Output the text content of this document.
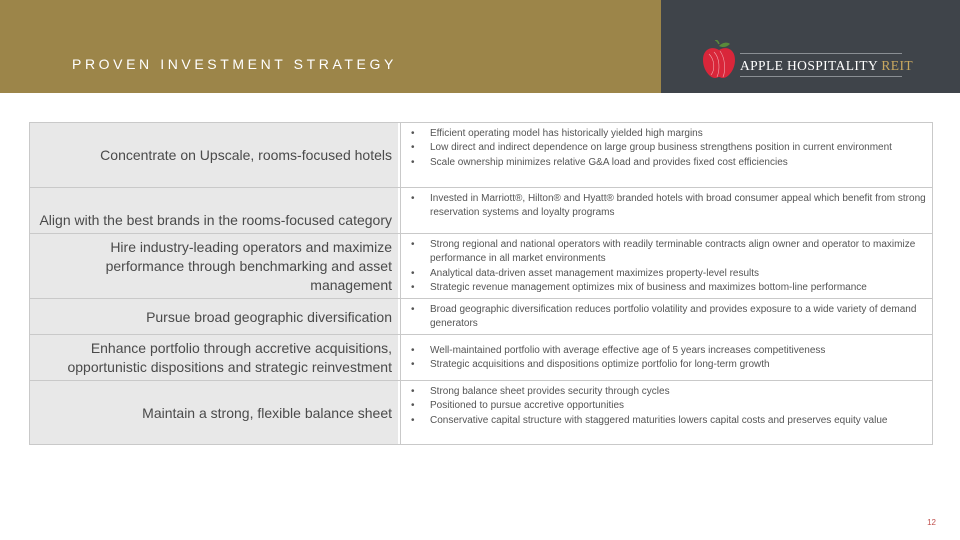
PROVEN INVESTMENT STRATEGY	APPLE HOSPITALITY REIT
Concentrate on Upscale, rooms-focused hotels
• Efficient operating model has historically yielded high margins
• Low direct and indirect dependence on large group business strengthens position in current environment
• Scale ownership minimizes relative G&A load and provides fixed cost efficiencies
Align with the best brands in the rooms-focused category
• Invested in Marriott®, Hilton® and Hyatt® branded hotels with broad consumer appeal which benefit from strong reservation systems and loyalty programs
Hire industry-leading operators and maximize performance through benchmarking and asset management
• Strong regional and national operators with readily terminable contracts align owner and operator to maximize performance in all market environments
• Analytical data-driven asset management maximizes property-level results
• Strategic revenue management optimizes mix of business and maximizes bottom-line performance
Pursue broad geographic diversification
•	Broad geographic diversification reduces portfolio volatility and provides exposure to a wide variety of demand generators
Enhance portfolio through accretive acquisitions, opportunistic dispositions and strategic reinvestment
• Well-maintained portfolio with average effective age of 5 years increases competitiveness
• Strategic acquisitions and dispositions optimize portfolio for long-term growth
Maintain a strong, flexible balance sheet
• Strong balance sheet provides security through cycles
• Positioned to pursue accretive opportunities
• Conservative capital structure with staggered maturities lowers capital costs and preserves equity value
12
